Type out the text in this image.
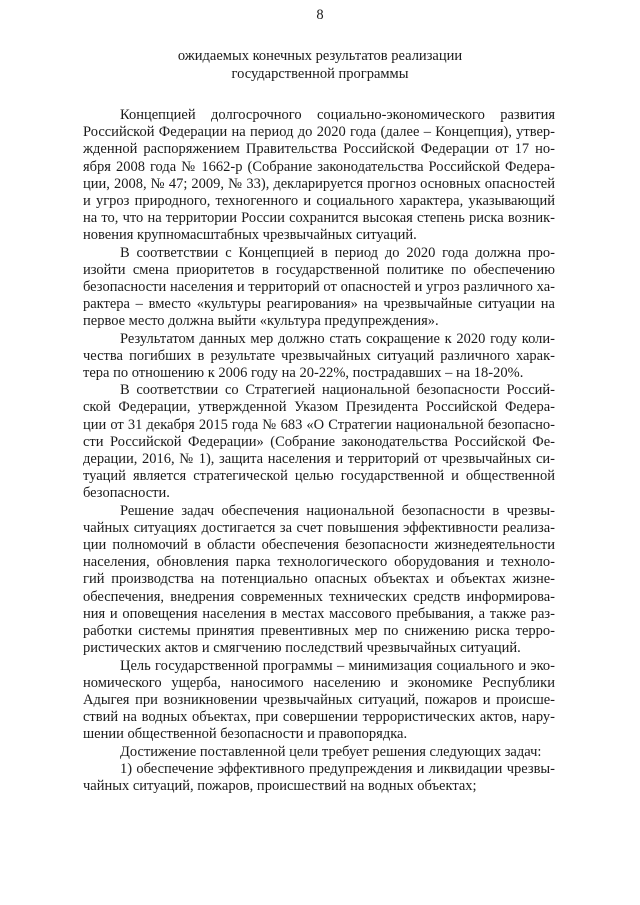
8
ожидаемых конечных результатов реализации
государственной программы
Концепцией долгосрочного социально-экономического развития
Российской Федерации на период до 2020 года (далее – Концепция), утвер-
жденной распоряжением Правительства Российской Федерации от 17 но-
ября 2008 года № 1662-р (Собрание законодательства Российской Федера-
ции, 2008, № 47; 2009, № 33), декларируется прогноз основных опасностей
и угроз природного, техногенного и социального характера, указывающий
на то, что на территории России сохранится высокая степень риска возник-
новения крупномасштабных чрезвычайных ситуаций.
В соответствии с Концепцией в период до 2020 года должна про-
изойти смена приоритетов в государственной политике по обеспечению
безопасности населения и территорий от опасностей и угроз различного ха-
рактера – вместо «культуры реагирования» на чрезвычайные ситуации на
первое место должна выйти «культура предупреждения».
Результатом данных мер должно стать сокращение к 2020 году коли-
чества погибших в результате чрезвычайных ситуаций различного харак-
тера по отношению к 2006 году на 20-22%, пострадавших – на 18-20%.
В соответствии со Стратегией национальной безопасности Россий-
ской Федерации, утвержденной Указом Президента Российской Федера-
ции от 31 декабря 2015 года № 683 «О Стратегии национальной безопасно-
сти Российской Федерации» (Собрание законодательства Российской Фе-
дерации, 2016, № 1), защита населения и территорий от чрезвычайных си-
туаций является стратегической целью государственной и общественной
безопасности.
Решение задач обеспечения национальной безопасности в чрезвы-
чайных ситуациях достигается за счет повышения эффективности реализа-
ции полномочий в области обеспечения безопасности жизнедеятельности
населения, обновления парка технологического оборудования и техноло-
гий производства на потенциально опасных объектах и объектах жизне-
обеспечения, внедрения современных технических средств информирова-
ния и оповещения населения в местах массового пребывания, а также раз-
работки системы принятия превентивных мер по снижению риска терро-
ристических актов и смягчению последствий чрезвычайных ситуаций.
Цель государственной программы – минимизация социального и эко-
номического ущерба, наносимого населению и экономике Республики
Адыгея при возникновении чрезвычайных ситуаций, пожаров и происше-
ствий на водных объектах, при совершении террористических актов, нару-
шении общественной безопасности и правопорядка.
Достижение поставленной цели требует решения следующих задач:
1) обеспечение эффективного предупреждения и ликвидации чрезвы-
чайных ситуаций, пожаров, происшествий на водных объектах;
